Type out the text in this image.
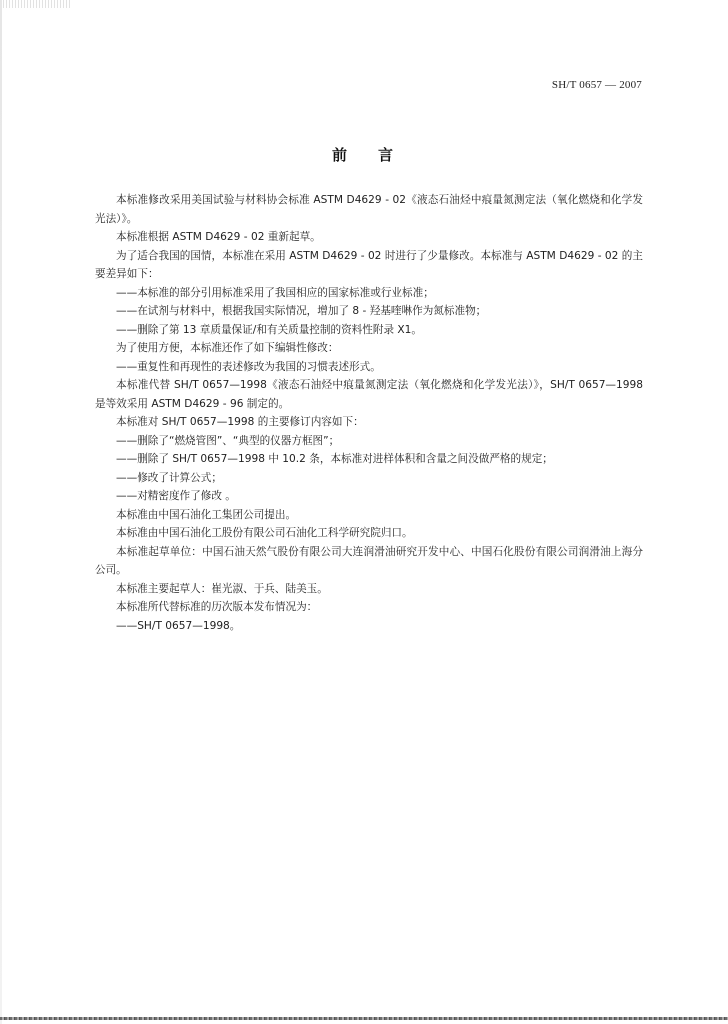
SH/T 0657 — 2007
前言

本标准修改采用美国试验与材料协会标准 ASTM D4629 - 02《液态石油烃中痕量氮测定法（氧化燃烧和化学发光法）》。

本标准根据 ASTM D4629 - 02 重新起草。

为了适合我国的国情，本标准在采用 ASTM D4629 - 02 时进行了少量修改。本标准与 ASTM D4629 - 02 的主要差异如下：

——本标准的部分引用标准采用了我国相应的国家标准或行业标准；

——在试剂与材料中，根据我国实际情况，增加了 8 - 羟基喹啉作为氮标准物；

——删除了第 13 章质量保证/和有关质量控制的资料性附录 X1。

为了使用方便，本标准还作了如下编辑性修改：

——重复性和再现性的表述修改为我国的习惯表述形式。

本标准代替 SH/T 0657—1998《液态石油烃中痕量氮测定法（氧化燃烧和化学发光法）》，SH/T 0657—1998 是等效采用 ASTM D4629 - 96 制定的。

本标准对 SH/T 0657—1998 的主要修订内容如下：

——删除了“燃烧管图”、“典型的仪器方框图”；

——删除了 SH/T 0657—1998 中 10.2 条，本标准对进样体积和含量之间没做严格的规定；

——修改了计算公式；

——对精密度作了修改 。

本标准由中国石油化工集团公司提出。

本标准由中国石油化工股份有限公司石油化工科学研究院归口。

本标准起草单位：中国石油天然气股份有限公司大连润滑油研究开发中心、中国石化股份有限公司润滑油上海分公司。

本标准主要起草人：崔光淑、于兵、陆美玉。

本标准所代替标准的历次版本发布情况为：

——SH/T 0657—1998。
